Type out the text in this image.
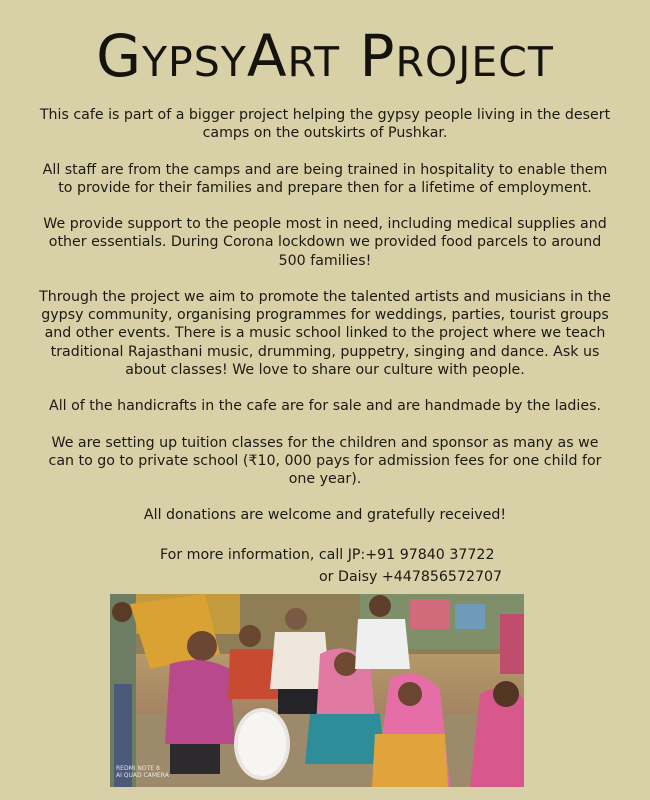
GypsyArt Project

This cafe is part of a bigger project helping the gypsy people living in the desert camps on the outskirts of Pushkar.

All staff are from the camps and are being trained in hospitality to enable them to provide for their families and prepare then for a lifetime of employment.

We provide support to the people most in need, including medical supplies and other essentials. During Corona lockdown we provided food parcels to around 500 families!

Through the project we aim to promote the talented artists and musicians in the gypsy community, organising programmes for weddings, parties, tourist groups and other events. There is a music school linked to the project where we teach traditional Rajasthani music, drumming, puppetry, singing and dance. Ask us about classes! We love to share our culture with people.

All of the handicrafts in the cafe are for sale and are handmade by the ladies.

We are setting up tuition classes for the children and sponsor as many as we can to go to private school (₹10, 000 pays for admission fees for one child for one year).

All donations are welcome and gratefully received!

For more information, call JP:+91 97840 37722
or Daisy +447856572707
REDMI NOTE 8
AI QUAD CAMERA
